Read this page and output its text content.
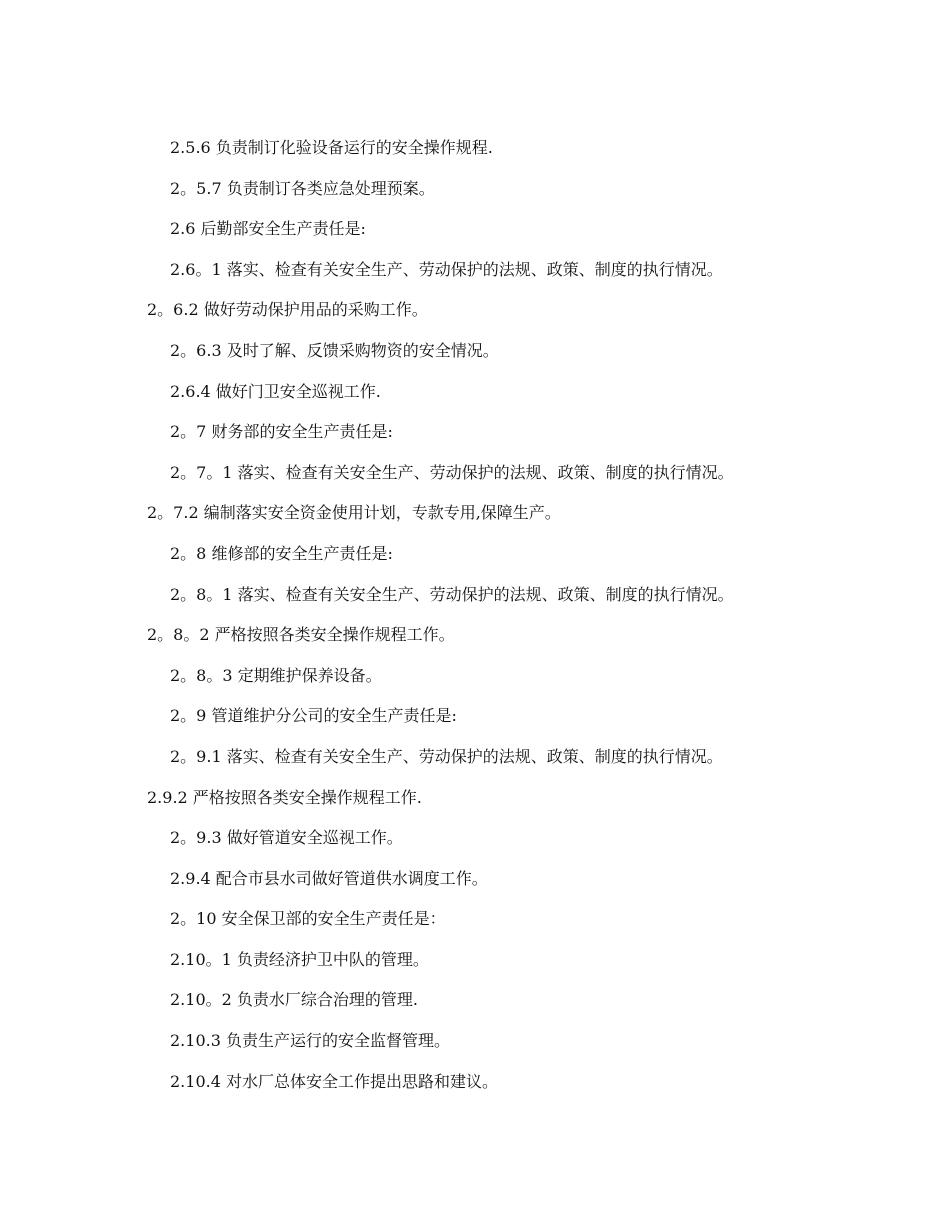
2.5.6 负责制订化验设备运行的安全操作规程.
2。5.7 负责制订各类应急处理预案。
2.6 后勤部安全生产责任是:
2.6。1 落实、检查有关安全生产、劳动保护的法规、政策、制度的执行情况。
2。6.2 做好劳动保护用品的采购工作。
2。6.3 及时了解、反馈采购物资的安全情况。
2.6.4 做好门卫安全巡视工作.
2。7 财务部的安全生产责任是:
2。7。1 落实、检查有关安全生产、劳动保护的法规、政策、制度的执行情况。
2。7.2 编制落实安全资金使用计划，专款专用,保障生产。
2。8 维修部的安全生产责任是:
2。8。1 落实、检查有关安全生产、劳动保护的法规、政策、制度的执行情况。
2。8。2 严格按照各类安全操作规程工作。
2。8。3 定期维护保养设备。
2。9 管道维护分公司的安全生产责任是:
2。9.1 落实、检查有关安全生产、劳动保护的法规、政策、制度的执行情况。
2.9.2 严格按照各类安全操作规程工作.
2。9.3 做好管道安全巡视工作。
2.9.4 配合市县水司做好管道供水调度工作。
2。10 安全保卫部的安全生产责任是：
2.10。1 负责经济护卫中队的管理。
2.10。2 负责水厂综合治理的管理.
2.10.3 负责生产运行的安全监督管理。
2.10.4 对水厂总体安全工作提出思路和建议。
